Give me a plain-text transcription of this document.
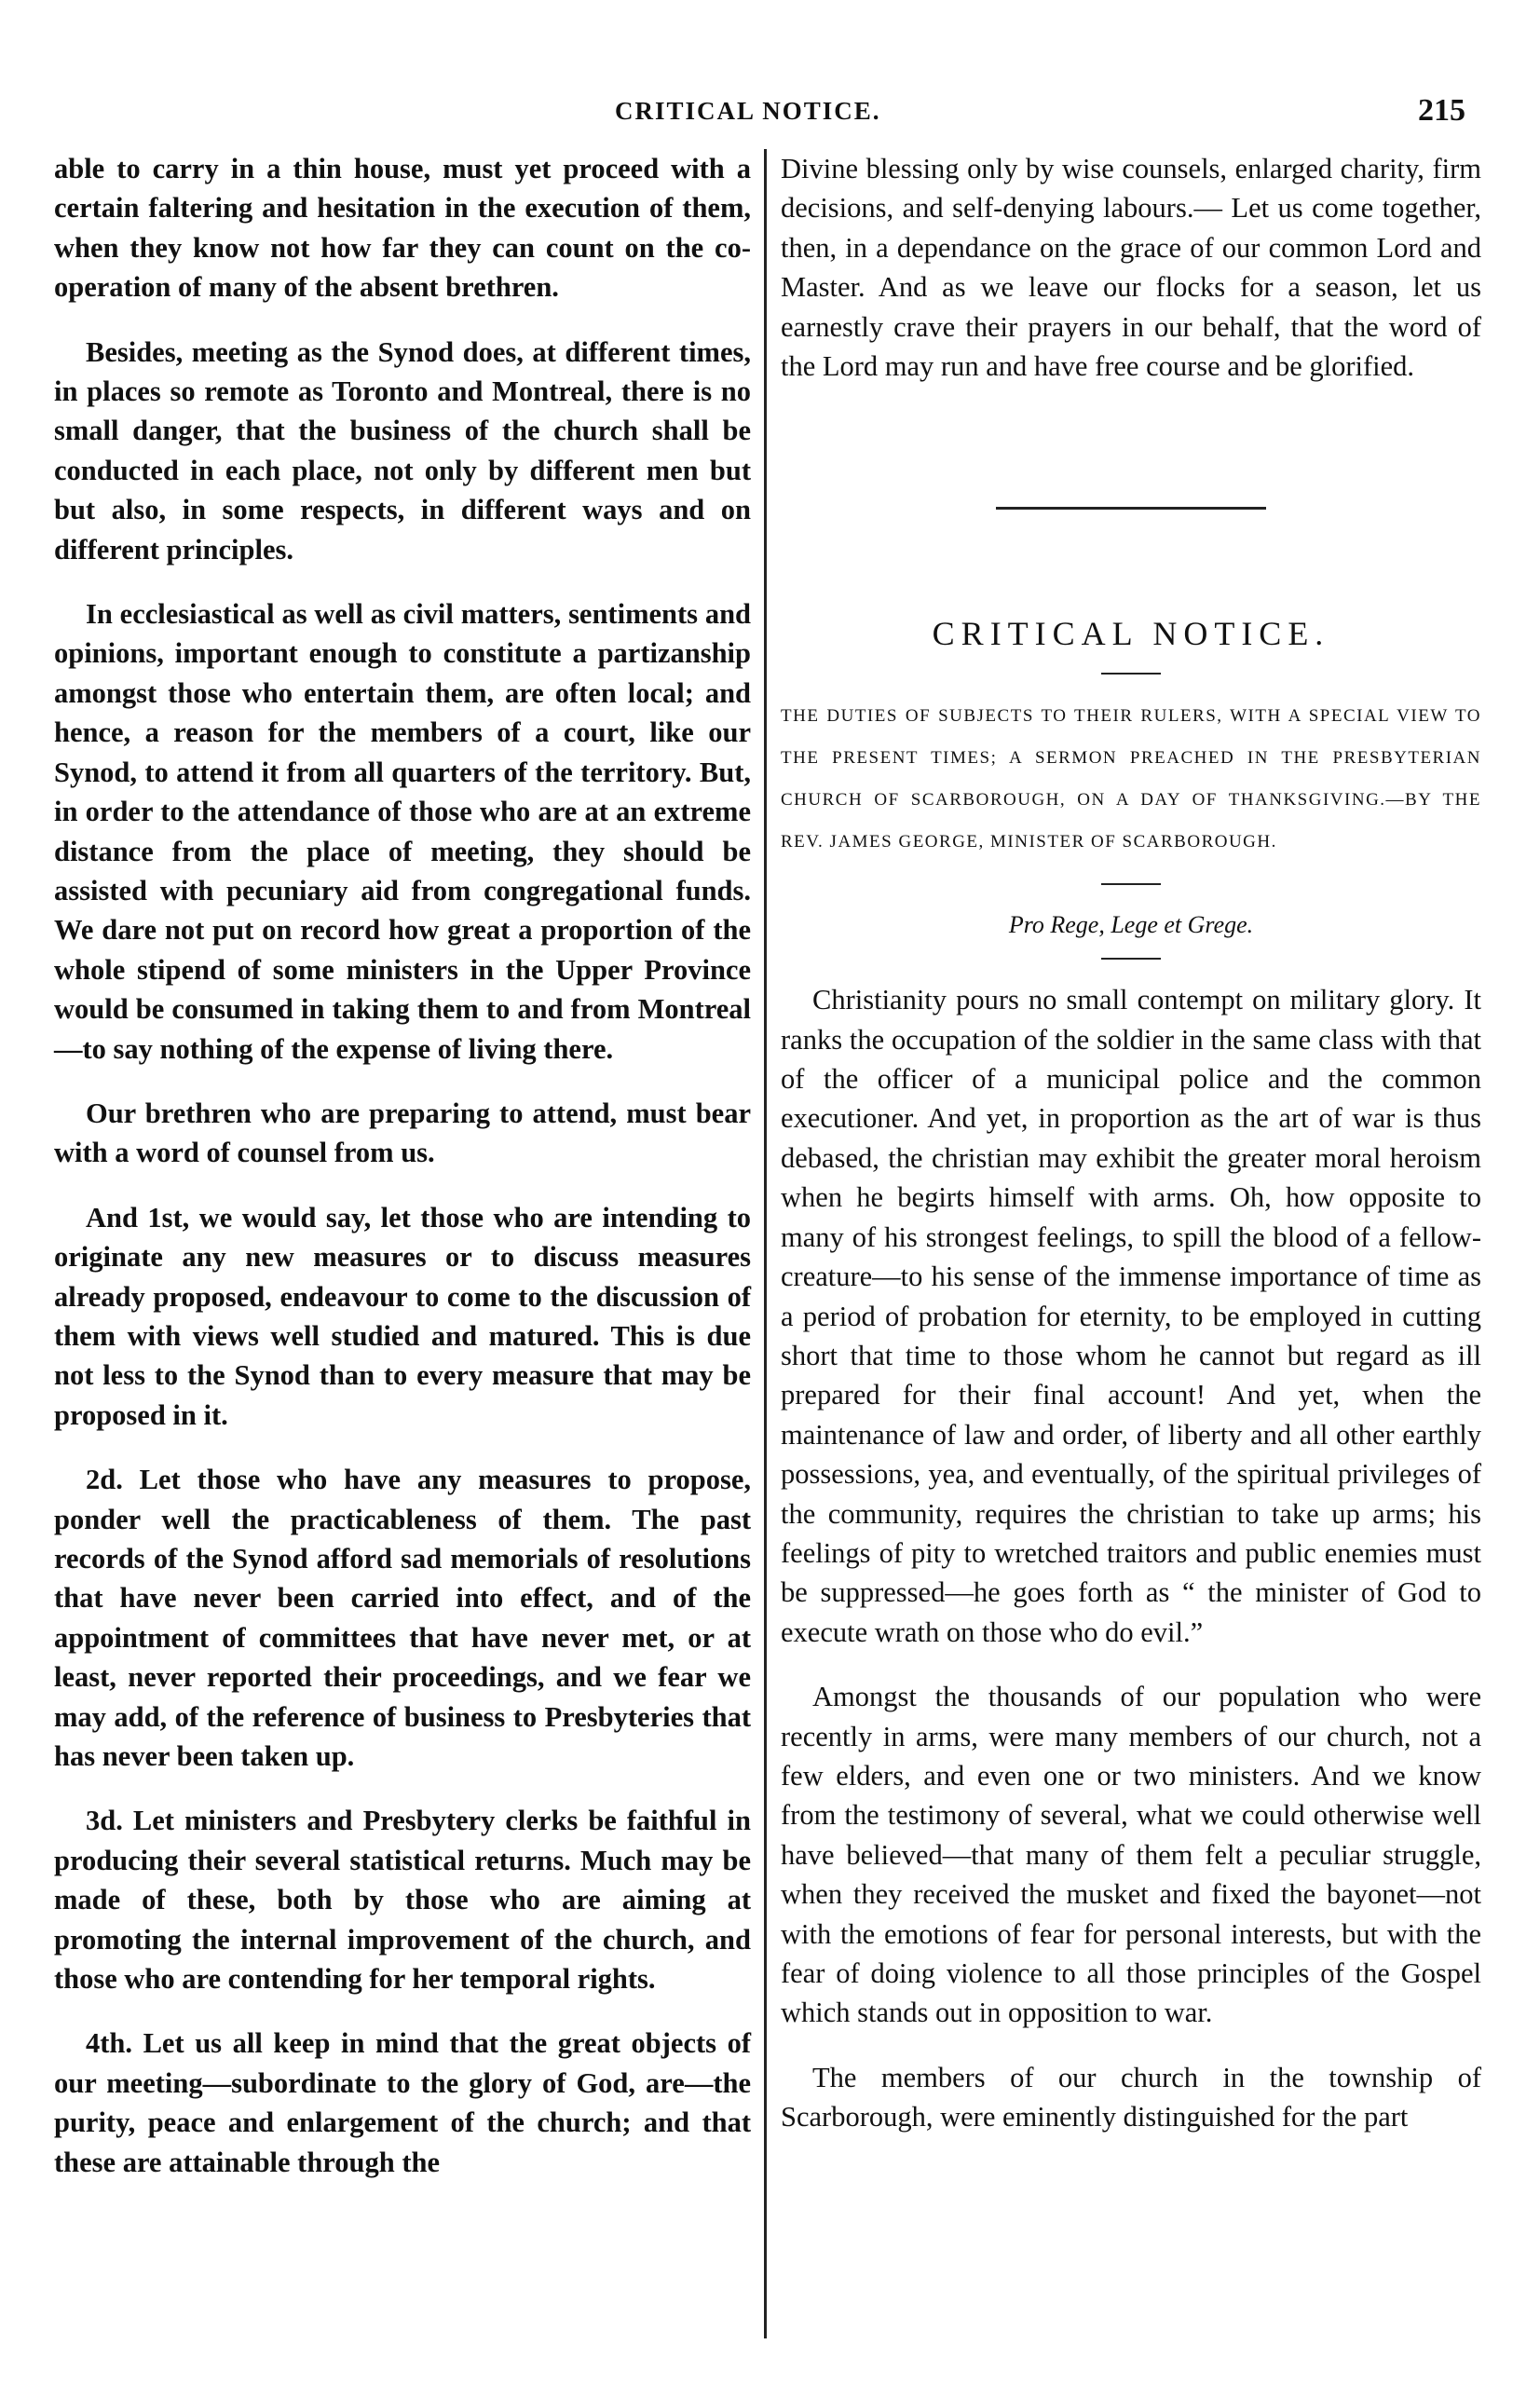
CRITICAL NOTICE.	215

able to carry in a thin house, must yet proceed with a certain faltering and hesitation in the execution of them, when they know not how far they can count on the co-operation of many of the absent brethren.

Besides, meeting as the Synod does, at different times, in places so remote as Toronto and Montreal, there is no small danger, that the business of the church shall be conducted in each place, not only by different men but but also, in some respects, in different ways and on different principles.

In ecclesiastical as well as civil matters, sentiments and opinions, important enough to constitute a partizanship amongst those who entertain them, are often local; and hence, a reason for the members of a court, like our Synod, to attend it from all quarters of the territory. But, in order to the attendance of those who are at an extreme distance from the place of meeting, they should be assisted with pecuniary aid from congregational funds. We dare not put on record how great a proportion of the whole stipend of some ministers in the Upper Province would be consumed in taking them to and from Montreal—to say nothing of the expense of living there.

Our brethren who are preparing to attend, must bear with a word of counsel from us.

And 1st, we would say, let those who are intending to originate any new measures or to discuss measures already proposed, endeavour to come to the discussion of them with views well studied and matured. This is due not less to the Synod than to every measure that may be proposed in it.

2d. Let those who have any measures to propose, ponder well the practicableness of them. The past records of the Synod afford sad memorials of resolutions that have never been carried into effect, and of the appointment of committees that have never met, or at least, never reported their proceedings, and we fear we may add, of the reference of business to Presbyteries that has never been taken up.

3d. Let ministers and Presbytery clerks be faithful in producing their several statistical returns. Much may be made of these, both by those who are aiming at promoting the internal improvement of the church, and those who are contending for her temporal rights.

4th. Let us all keep in mind that the great objects of our meeting—subordinate to the glory of God, are—the purity, peace and enlargement of the church; and that these are attainable through the

Divine blessing only by wise counsels, enlarged charity, firm decisions, and self-denying labours.— Let us come together, then, in a dependance on the grace of our common Lord and Master. And as we leave our flocks for a season, let us earnestly crave their prayers in our behalf, that the word of the Lord may run and have free course and be glorified.

CRITICAL NOTICE.
THE DUTIES OF SUBJECTS TO THEIR RULERS, WITH A SPECIAL VIEW TO THE PRESENT TIMES; A SERMON PREACHED IN THE PRESBYTERIAN CHURCH OF SCARBOROUGH, ON A DAY OF THANKSGIVING.—BY THE REV. JAMES GEORGE, MINISTER OF SCARBOROUGH.
Pro Rege, Lege et Grege.

Christianity pours no small contempt on military glory. It ranks the occupation of the soldier in the same class with that of the officer of a municipal police and the common executioner. And yet, in proportion as the art of war is thus debased, the christian may exhibit the greater moral heroism when he begirts himself with arms. Oh, how opposite to many of his strongest feelings, to spill the blood of a fellow-creature—to his sense of the immense importance of time as a period of probation for eternity, to be employed in cutting short that time to those whom he cannot but regard as ill prepared for their final account! And yet, when the maintenance of law and order, of liberty and all other earthly possessions, yea, and eventually, of the spiritual privileges of the community, requires the christian to take up arms; his feelings of pity to wretched traitors and public enemies must be suppressed—he goes forth as “ the minister of God to execute wrath on those who do evil.”

Amongst the thousands of our population who were recently in arms, were many members of our church, not a few elders, and even one or two ministers. And we know from the testimony of several, what we could otherwise well have believed—that many of them felt a peculiar struggle, when they received the musket and fixed the bayonet—not with the emotions of fear for personal interests, but with the fear of doing violence to all those principles of the Gospel which stands out in opposition to war.

The members of our church in the township of Scarborough, were eminently distinguished for the part
